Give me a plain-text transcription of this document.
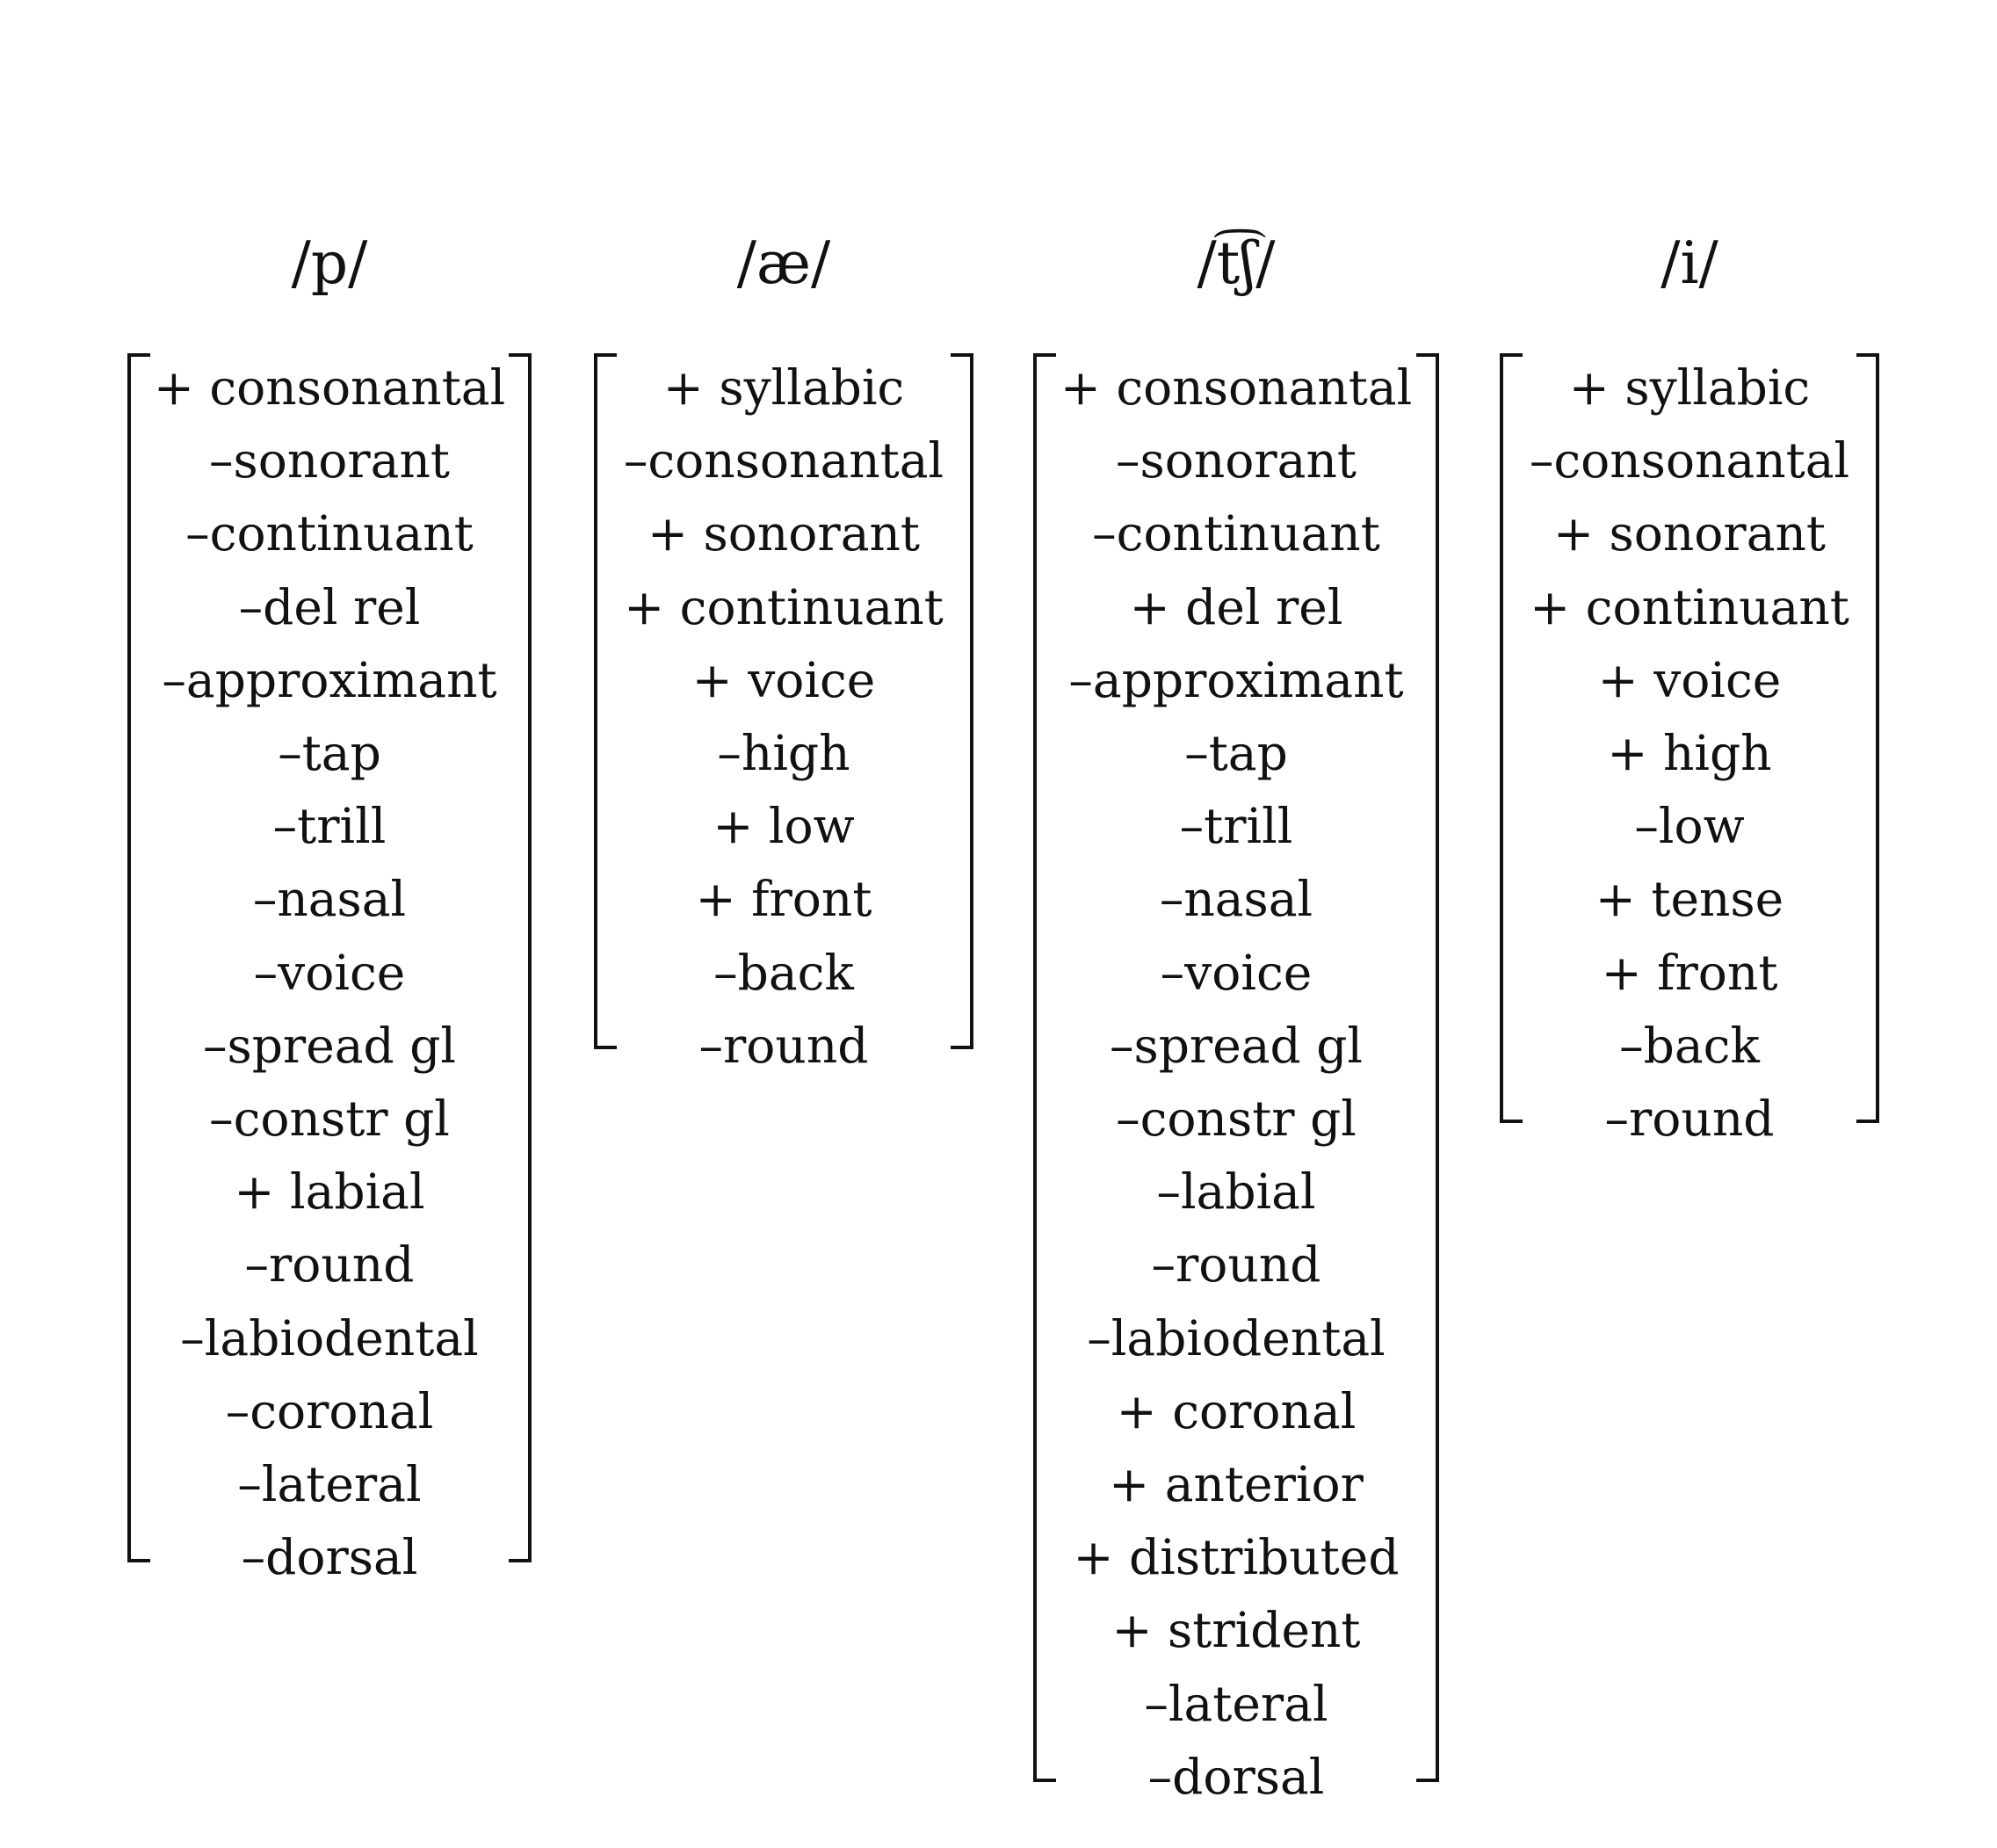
/p/
+ consonantal
–sonorant
–continuant
–del rel
–approximant
–tap
–trill
–nasal
–voice
–spread gl
–constr gl
+ labial
–round
–labiodental
–coronal
–lateral
–dorsal
/æ/
+ syllabic
–consonantal
+ sonorant
+ continuant
+ voice
–high
+ low
+ front
–back
–round
/t͡ʃ/
+ consonantal
–sonorant
–continuant
+ del rel
–approximant
–tap
–trill
–nasal
–voice
–spread gl
–constr gl
–labial
–round
–labiodental
+ coronal
+ anterior
+ distributed
+ strident
–lateral
–dorsal
/i/
+ syllabic
–consonantal
+ sonorant
+ continuant
+ voice
+ high
–low
+ tense
+ front
–back
–round
